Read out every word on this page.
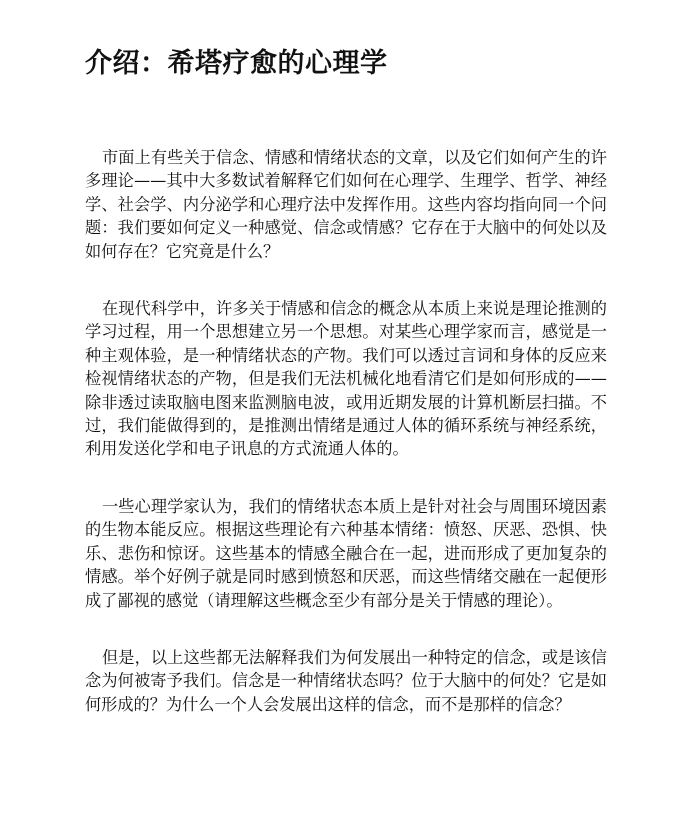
介绍：希塔疗愈的心理学

市面上有些关于信念、情感和情绪状态的文章，以及它们如何产生的许多理论——其中大多数试着解释它们如何在心理学、生理学、哲学、神经学、社会学、内分泌学和心理疗法中发挥作用。这些内容均指向同一个问题：我们要如何定义一种感觉、信念或情感？它存在于大脑中的何处以及如何存在？它究竟是什么？

在现代科学中，许多关于情感和信念的概念从本质上来说是理论推测的学习过程，用一个思想建立另一个思想。对某些心理学家而言，感觉是一种主观体验，是一种情绪状态的产物。我们可以透过言词和身体的反应来检视情绪状态的产物，但是我们无法机械化地看清它们是如何形成的——除非透过读取脑电图来监测脑电波，或用近期发展的计算机断层扫描。不过，我们能做得到的，是推测出情绪是通过人体的循环系统与神经系统，利用发送化学和电子讯息的方式流通人体的。

一些心理学家认为，我们的情绪状态本质上是针对社会与周围环境因素的生物本能反应。根据这些理论有六种基本情绪：愤怒、厌恶、恐惧、快乐、悲伤和惊讶。这些基本的情感全融合在一起，进而形成了更加复杂的情感。举个好例子就是同时感到愤怒和厌恶，而这些情绪交融在一起便形成了鄙视的感觉（请理解这些概念至少有部分是关于情感的理论）。

但是，以上这些都无法解释我们为何发展出一种特定的信念，或是该信念为何被寄予我们。信念是一种情绪状态吗？位于大脑中的何处？它是如何形成的？为什么一个人会发展出这样的信念，而不是那样的信念？
